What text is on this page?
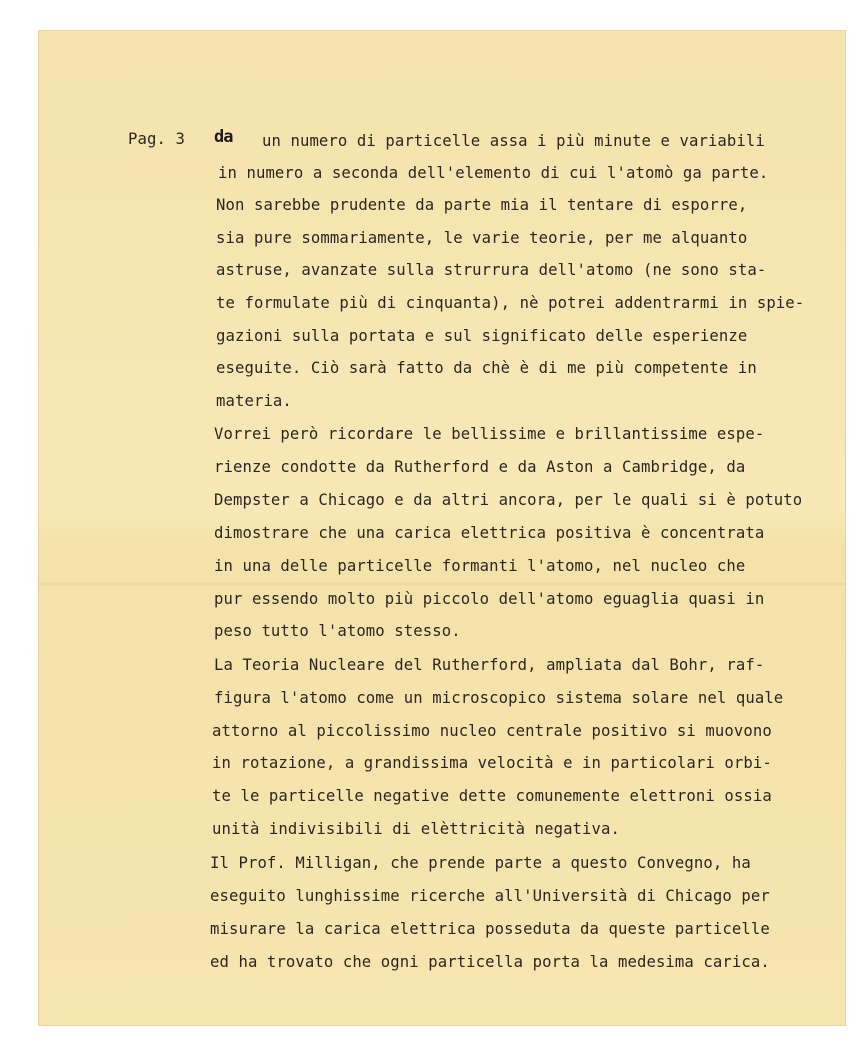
Pag. 3 da un numero di particelle assa i più minute e variabili
in numero a seconda dell'elemento di cui l'atomò ga parte.
Non sarebbe prudente da parte mia il tentare di esporre,
sia pure sommariamente, le varie teorie, per me alquanto
astruse, avanzate sulla strurrura dell'atomo (ne sono sta-
te formulate più di cinquanta), nè potrei addentrarmi in spie-
gazioni sulla portata e sul significato delle esperienze
eseguite. Ciò sarà fatto da chè è di me più competente in
materia.
Vorrei però ricordare le bellissime e brillantissime espe-
rienze condotte da Rutherford e da Aston a Cambridge, da
Dempster a Chicago e da altri ancora, per le quali si è potuto
dimostrare che una carica elettrica positiva è concentrata
in una delle particelle formanti l'atomo, nel nucleo che
pur essendo molto più piccolo dell'atomo eguaglia quasi in
peso tutto l'atomo stesso.
La Teoria Nucleare del Rutherford, ampliata dal Bohr, raf-
figura l'atomo come un microscopico sistema solare nel quale
attorno al piccolissimo nucleo centrale positivo si muovono
in rotazione, a grandissima velocità e in particolari orbi-
te le particelle negative dette comunemente elettroni ossia
unità indivisibili di elèttricità negativa.
Il Prof. Milligan, che prende parte a questo Convegno, ha
eseguito lunghissime ricerche all'Università di Chicago per
misurare la carica elettrica posseduta da queste particelle
ed ha trovato che ogni particella porta la medesima carica.
